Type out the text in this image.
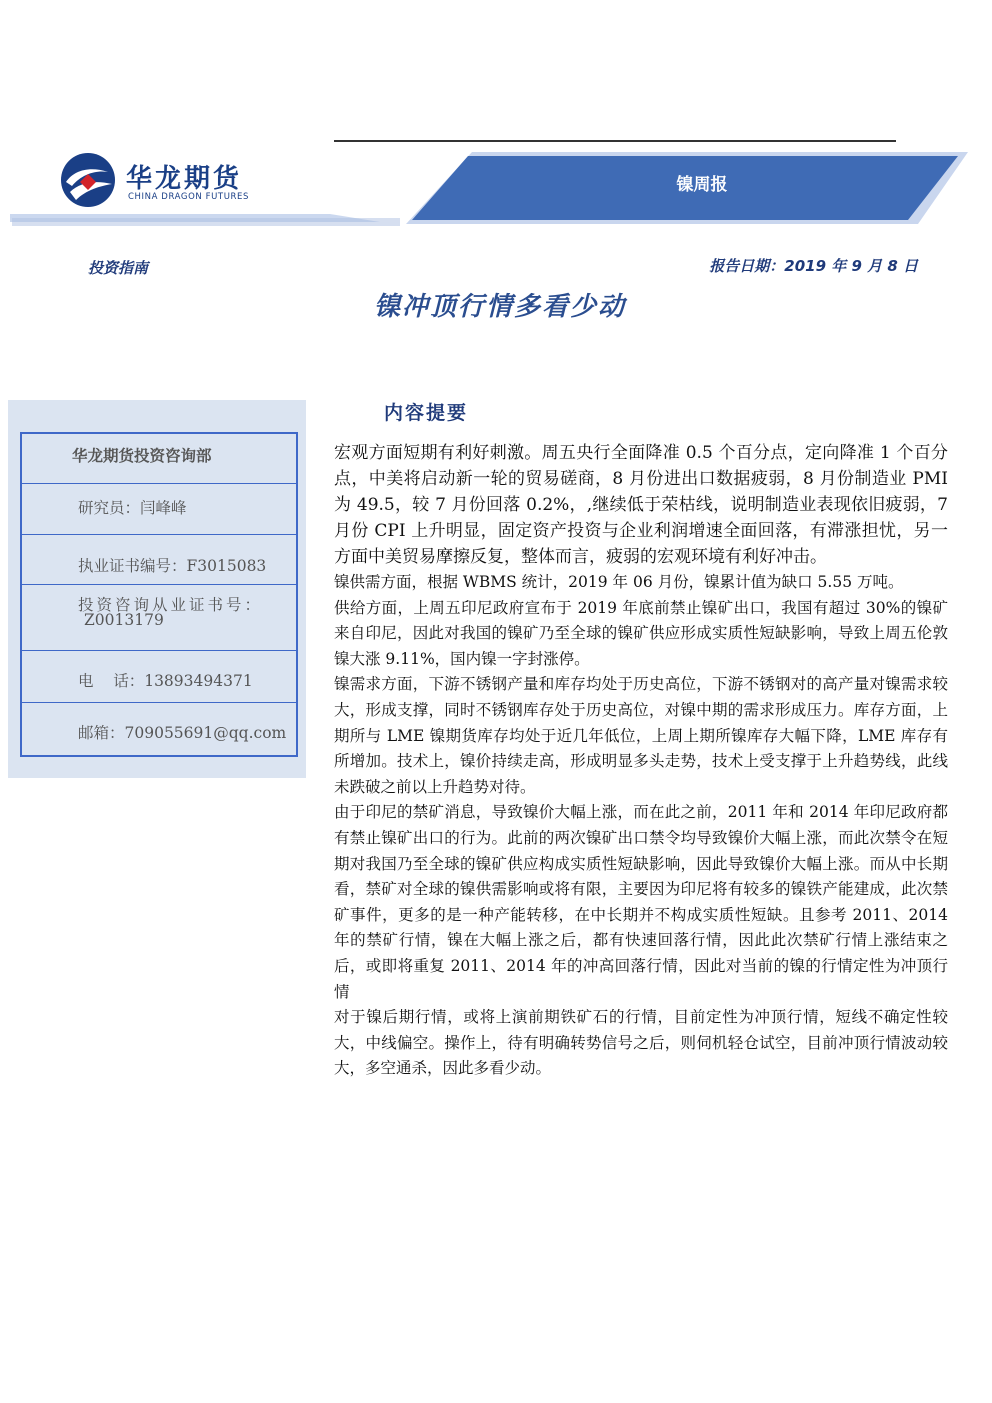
华龙期货
CHINA DRAGON FUTURES
镍周报
投资指南	报告日期：2019 年 9 月 8 日
镍冲顶行情多看少动
华龙期货投资咨询部
研究员：闫峰峰
执业证书编号：F3015083
投资咨询从业证书号：
Z0013179
电    话：13893494371
邮箱：709055691@qq.com
内容提要

宏观方面短期有利好刺激。周五央行全面降准 0.5 个百分点，定向降准 1 个百分点，中美将启动新一轮的贸易磋商，8 月份进出口数据疲弱，8 月份制造业 PMI 为 49.5，较 7 月份回落 0.2%，,继续低于荣枯线，说明制造业表现依旧疲弱，7 月份 CPI 上升明显，固定资产投资与企业利润增速全面回落，有滞涨担忧，另一方面中美贸易摩擦反复，整体而言，疲弱的宏观环境有利好冲击。

镍供需方面，根据 WBMS 统计，2019 年 06 月份，镍累计值为缺口 5.55 万吨。

供给方面，上周五印尼政府宣布于 2019 年底前禁止镍矿出口，我国有超过 30%的镍矿来自印尼，因此对我国的镍矿乃至全球的镍矿供应形成实质性短缺影响，导致上周五伦敦镍大涨 9.11%，国内镍一字封涨停。

镍需求方面，下游不锈钢产量和库存均处于历史高位，下游不锈钢对的高产量对镍需求较大，形成支撑，同时不锈钢库存处于历史高位，对镍中期的需求形成压力。库存方面，上期所与 LME 镍期货库存均处于近几年低位，上周上期所镍库存大幅下降，LME 库存有所增加。技术上，镍价持续走高，形成明显多头走势，技术上受支撑于上升趋势线，此线未跌破之前以上升趋势对待。

由于印尼的禁矿消息，导致镍价大幅上涨，而在此之前，2011 年和 2014 年印尼政府都有禁止镍矿出口的行为。此前的两次镍矿出口禁令均导致镍价大幅上涨，而此次禁令在短期对我国乃至全球的镍矿供应构成实质性短缺影响，因此导致镍价大幅上涨。而从中长期看，禁矿对全球的镍供需影响或将有限，主要因为印尼将有较多的镍铁产能建成，此次禁矿事件，更多的是一种产能转移，在中长期并不构成实质性短缺。且参考 2011、2014 年的禁矿行情，镍在大幅上涨之后，都有快速回落行情，因此此次禁矿行情上涨结束之后，或即将重复 2011、2014 年的冲高回落行情，因此对当前的镍的行情定性为冲顶行情

对于镍后期行情，或将上演前期铁矿石的行情，目前定性为冲顶行情，短线不确定性较大，中线偏空。操作上，待有明确转势信号之后，则伺机轻仓试空，目前冲顶行情波动较大，多空通杀，因此多看少动。
